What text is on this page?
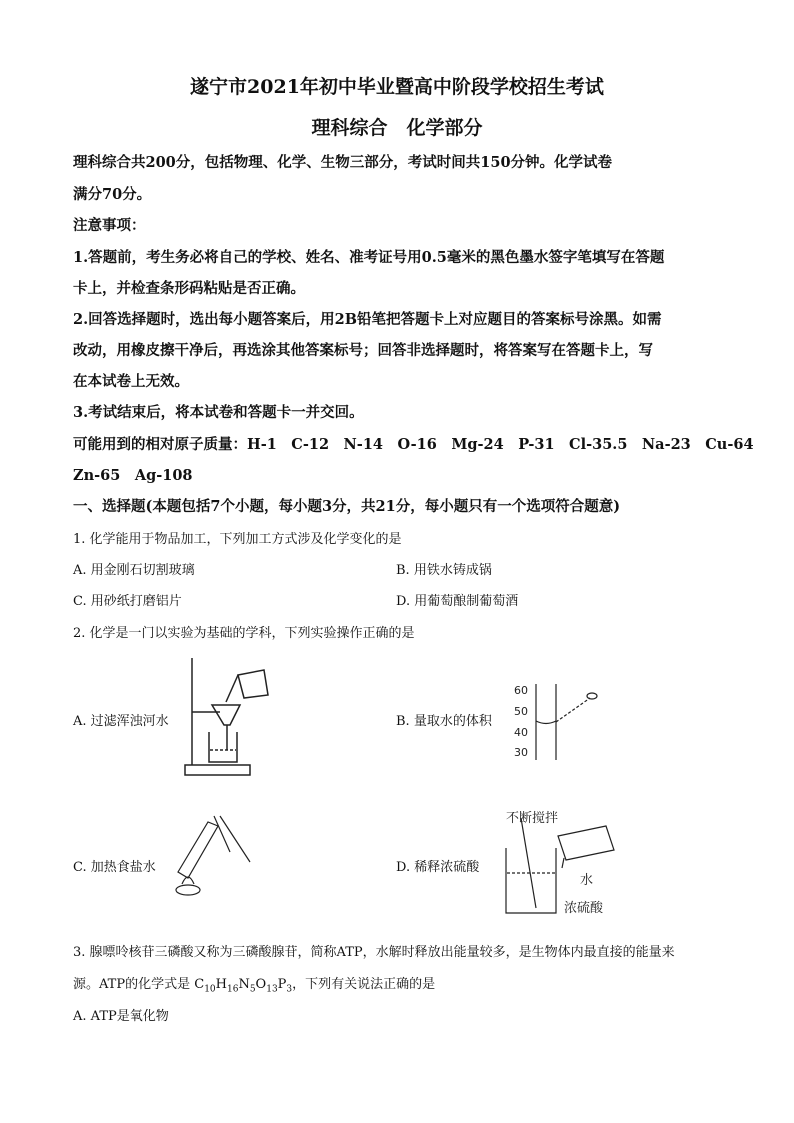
遂宁市2021年初中毕业暨高中阶段学校招生考试
理科综合　化学部分
理科综合共200分，包括物理、化学、生物三部分，考试时间共150分钟。化学试卷
满分70分。
注意事项：
1.答题前，考生务必将自己的学校、姓名、准考证号用0.5毫米的黑色墨水签字笔填写在答题
卡上，并检查条形码粘贴是否正确。
2.回答选择题时，选出每小题答案后，用2B铅笔把答题卡上对应题目的答案标号涂黑。如需
改动，用橡皮擦干净后，再选涂其他答案标号；回答非选择题时，将答案写在答题卡上，写
在本试卷上无效。
3.考试结束后，将本试卷和答题卡一并交回。
可能用到的相对原子质量：H-1　C-12　N-14　O-16　Mg-24　P-31　Cl-35.5　Na-23　Cu-64
Zn-65　Ag-108
一、选择题(本题包括7个小题，每小题3分，共21分，每小题只有一个选项符合题意)
1. 化学能用于物品加工，下列加工方式涉及化学变化的是
A. 用金刚石切割玻璃	B. 用铁水铸成锅
C. 用砂纸打磨铝片	D. 用葡萄酿制葡萄酒
2. 化学是一门以实验为基础的学科，下列实验操作正确的是
A. 过滤浑浊河水	B. 量取水的体积
C. 加热食盐水	D. 稀释浓硫酸
60
50
40
30
不断搅拌
水
浓硫酸
3. 腺嘌呤核苷三磷酸又称为三磷酸腺苷，简称ATP，水解时释放出能量较多，是生物体内最直接的能量来
源。ATP的化学式是 $C_{10}H_{16}N_5O_{13}P_3$，下列有关说法正确的是
A. ATP是氧化物
